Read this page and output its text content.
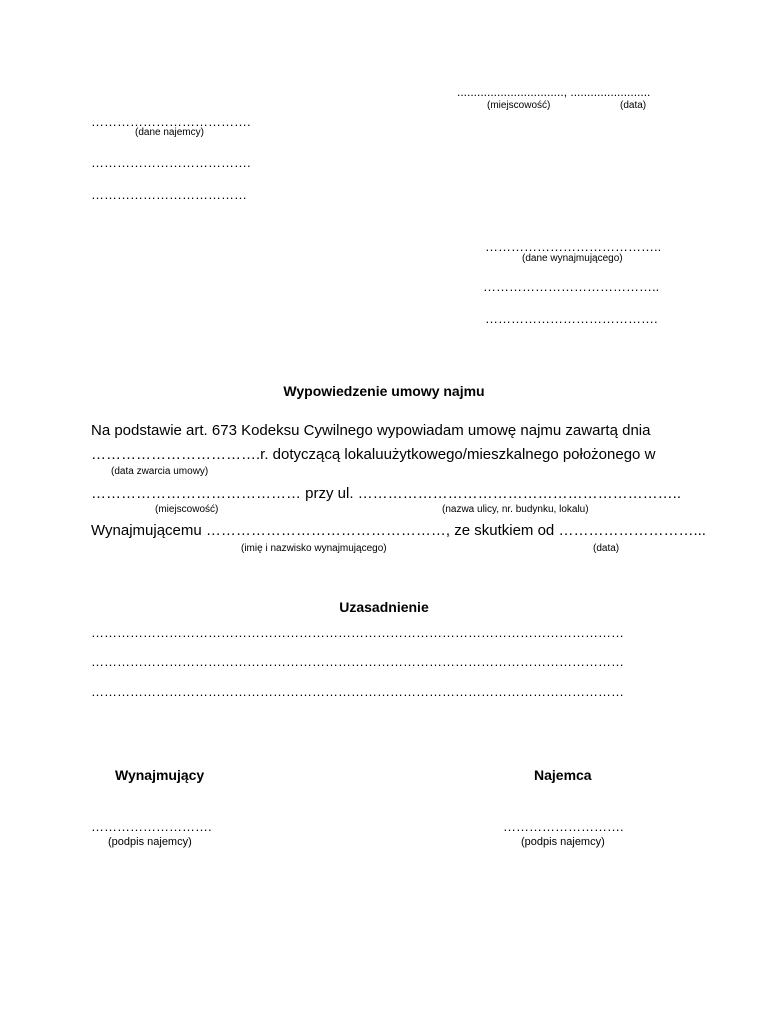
................................, ........................
(miejscowość)	(data)
……………………………….
(dane najemcy)
……………………………….
………………………………
…………………………………..
(dane wynajmującego)
…………………………………..
………………………………….
Wypowiedzenie umowy najmu
Na podstawie art. 673 Kodeksu Cywilnego wypowiadam umowę najmu zawartą dnia
…………………………….r. dotyczącą lokaluużytkowego/mieszkalnego położonego w
(data zwarcia umowy)
…………………………………… przy ul. ………………………………………………………..
(miejscowość)	(nazwa ulicy, nr. budynku, lokalu)
Wynajmującemu …………………………………………, ze skutkiem od ………………………...
(imię i nazwisko wynajmującego)	(data)
Uzasadnienie
……………………………………………………………………………………………………………
……………………………………………………………………………………………………………
……………………………………………………………………………………………………………
Wynajmujący	Najemca
……………………….	……………………….
(podpis najemcy)	(podpis najemcy)
